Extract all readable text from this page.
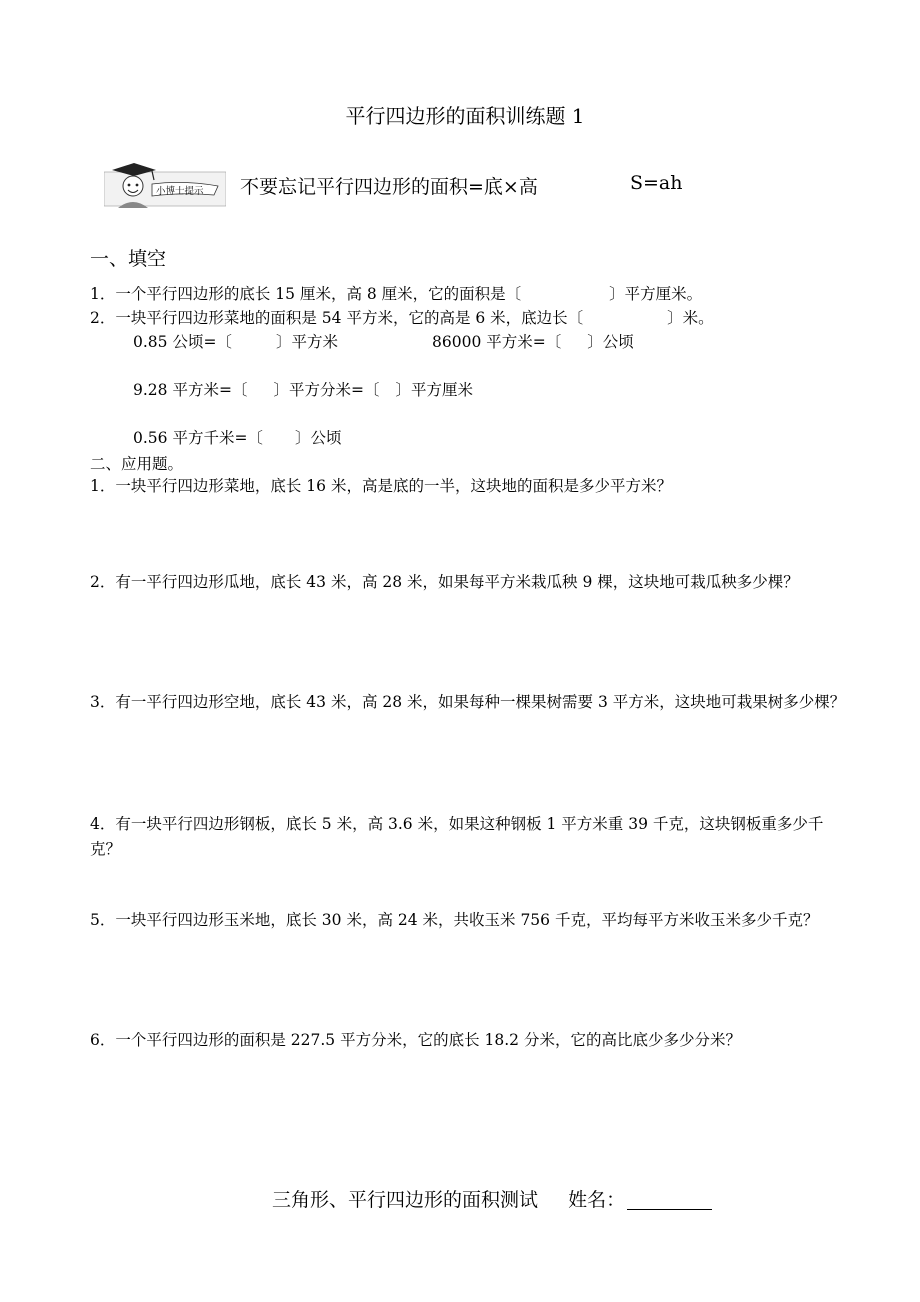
平行四边形的面积训练题 1
小博士提示 不要忘记平行四边形的面积=底×高	S=ah
一、填空
1．一个平行四边形的底长 15 厘米，高 8 厘米，它的面积是〔	〕平方厘米。
2．一块平行四边形菜地的面积是 54 平方米，它的高是 6 米，底边长〔	〕米。
0.85 公顷=〔	〕平方米	86000 平方米=〔 〕公顷
9.28 平方米=〔 〕平方分米=〔 〕平方厘米
0.56 平方千米=〔 〕公顷
二、应用题。
1．一块平行四边形菜地，底长 16 米，高是底的一半，这块地的面积是多少平方米？
2．有一平行四边形瓜地，底长 43 米，高 28 米，如果每平方米栽瓜秧 9 棵，这块地可栽瓜秧多少棵？
3．有一平行四边形空地，底长 43 米，高 28 米，如果每种一棵果树需要 3 平方米，这块地可栽果树多少棵？
4．有一块平行四边形钢板，底长 5 米，高 3.6 米，如果这种钢板 1 平方米重 39 千克，这块钢板重多少千克？
5．一块平行四边形玉米地，底长 30 米，高 24 米，共收玉米 756 千克，平均每平方米收玉米多少千克？
6．一个平行四边形的面积是 227.5 平方分米，它的底长 18.2 分米，它的高比底少多少分米？
三角形、平行四边形的面积测试 姓名：
